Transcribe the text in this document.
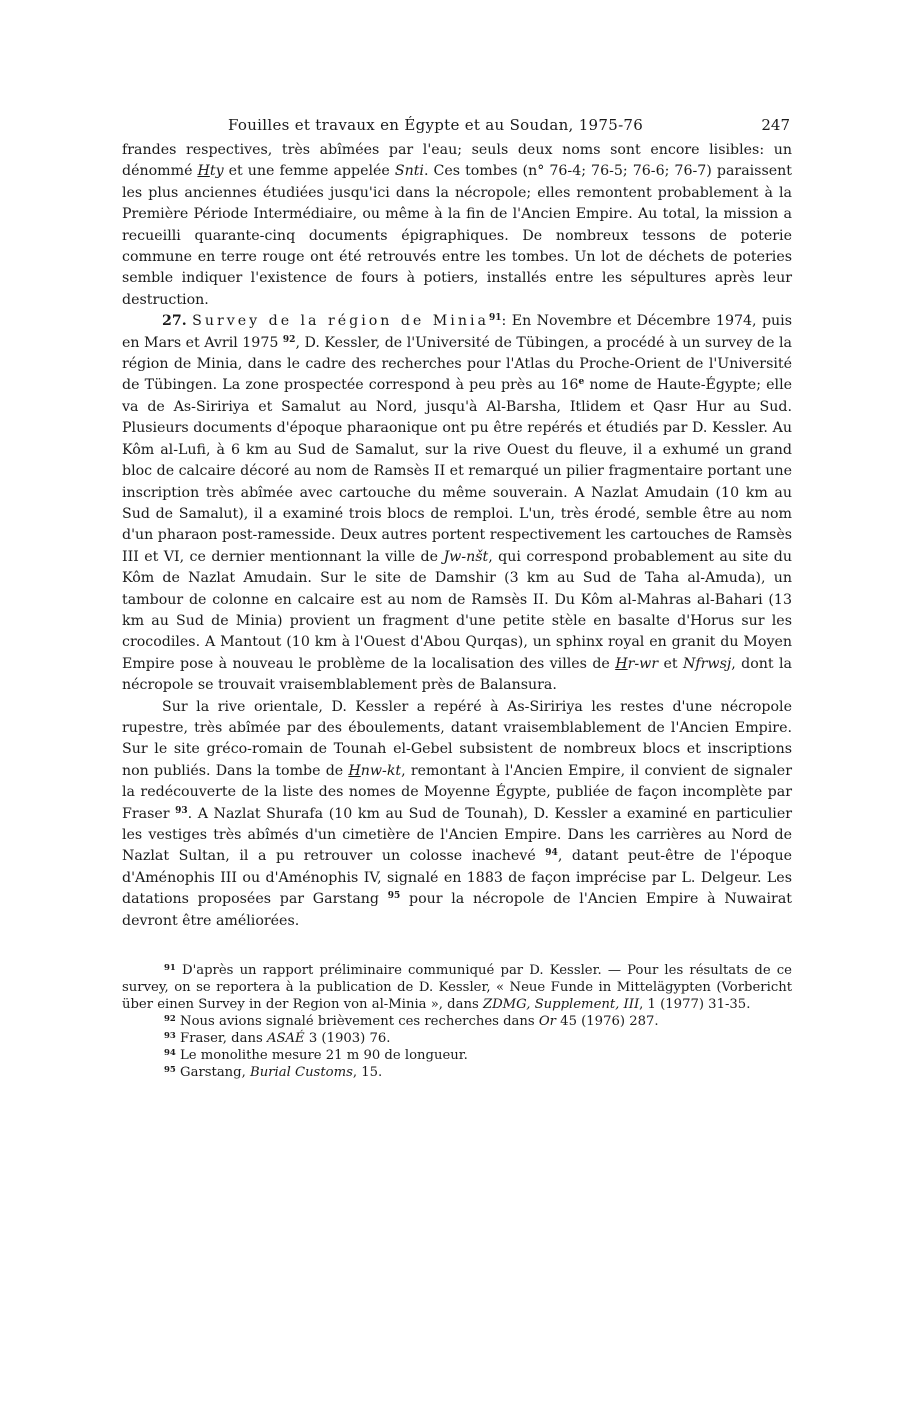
Fouilles et travaux en Égypte et au Soudan, 1975-76	247

frandes respectives, très abîmées par l'eau; seuls deux noms sont encore lisibles: un dénommé Hty et une femme appelée Snti. Ces tombes (n° 76-4; 76-5; 76-6; 76-7) paraissent les plus anciennes étudiées jusqu'ici dans la nécropole; elles remontent probablement à la Première Période Intermédiaire, ou même à la fin de l'Ancien Empire. Au total, la mission a recueilli quarante-cinq documents épigraphiques. De nombreux tessons de poterie commune en terre rouge ont été retrouvés entre les tombes. Un lot de déchets de poteries semble indiquer l'existence de fours à potiers, installés entre les sépultures après leur destruction.

27. Survey de la région de Minia$^{91}$: En Novembre et Décembre 1974, puis en Mars et Avril 1975 $^{92}$, D. Kessler, de l'Université de Tübingen, a procédé à un survey de la région de Minia, dans le cadre des recherches pour l'Atlas du Proche-Orient de l'Université de Tübingen. La zone prospectée correspond à peu près au 16e nome de Haute-Égypte; elle va de As-Siririya et Samalut au Nord, jusqu'à Al-Barsha, Itlidem et Qasr Hur au Sud. Plusieurs documents d'époque pharaonique ont pu être repérés et étudiés par D. Kessler. Au Kôm al-Lufi, à 6 km au Sud de Samalut, sur la rive Ouest du fleuve, il a exhumé un grand bloc de calcaire décoré au nom de Ramsès II et remarqué un pilier fragmentaire portant une inscription très abîmée avec cartouche du même souverain. A Nazlat Amudain (10 km au Sud de Samalut), il a examiné trois blocs de remploi. L'un, très érodé, semble être au nom d'un pharaon post-ramesside. Deux autres portent respectivement les cartouches de Ramsès III et VI, ce dernier mentionnant la ville de Jw-nšt, qui correspond probablement au site du Kôm de Nazlat Amudain. Sur le site de Damshir (3 km au Sud de Taha al-Amuda), un tambour de colonne en calcaire est au nom de Ramsès II. Du Kôm al-Mahras al-Bahari (13 km au Sud de Minia) provient un fragment d'une petite stèle en basalte d'Horus sur les crocodiles. A Mantout (10 km à l'Ouest d'Abou Qurqas), un sphinx royal en granit du Moyen Empire pose à nouveau le problème de la localisation des villes de Hr-wr et Nfrwsj, dont la nécropole se trouvait vraisemblablement près de Balansura.

Sur la rive orientale, D. Kessler a repéré à As-Siririya les restes d'une nécropole rupestre, très abîmée par des éboulements, datant vraisemblablement de l'Ancien Empire. Sur le site gréco-romain de Tounah el-Gebel subsistent de nombreux blocs et inscriptions non publiés. Dans la tombe de Hnw-kt, remontant à l'Ancien Empire, il convient de signaler la redécouverte de la liste des nomes de Moyenne Égypte, publiée de façon incomplète par Fraser $^{93}$. A Nazlat Shurafa (10 km au Sud de Tounah), D. Kessler a examiné en particulier les vestiges très abîmés d'un cimetière de l'Ancien Empire. Dans les carrières au Nord de Nazlat Sultan, il a pu retrouver un colosse inachevé $^{94}$, datant peut-être de l'époque d'Aménophis III ou d'Aménophis IV, signalé en 1883 de façon imprécise par L. Delgeur. Les datations proposées par Garstang $^{95}$ pour la nécropole de l'Ancien Empire à Nuwairat devront être améliorées.

$^{91}$ D'après un rapport préliminaire communiqué par D. Kessler. — Pour les résultats de ce survey, on se reportera à la publication de D. Kessler, « Neue Funde in Mittelägypten (Vorbericht über einen Survey in der Region von al-Minia », dans ZDMG, Supplement, III, 1 (1977) 31-35.

$^{92}$ Nous avions signalé brièvement ces recherches dans Or 45 (1976) 287.

$^{93}$ Fraser, dans ASAÉ 3 (1903) 76.

$^{94}$ Le monolithe mesure 21 m 90 de longueur.

$^{95}$ Garstang, Burial Customs, 15.
